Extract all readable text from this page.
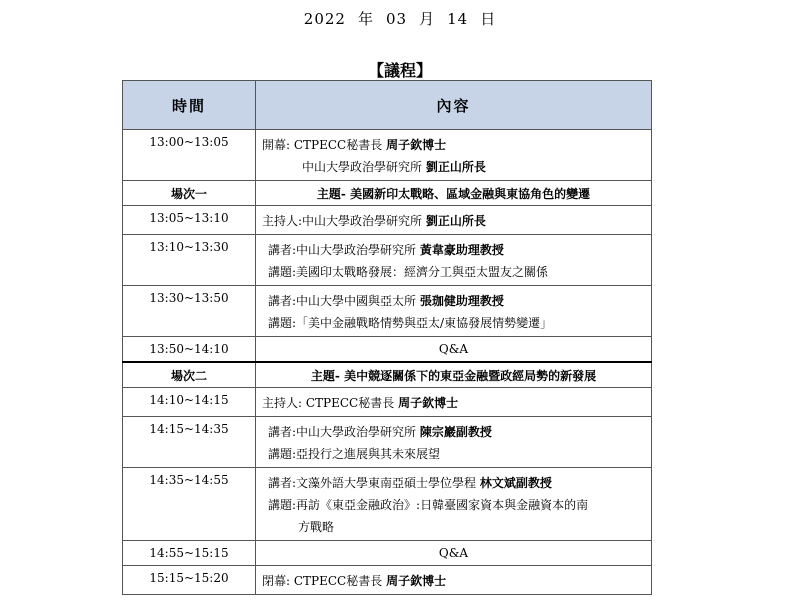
2022 年 03 月 14 日
【議程】
時間	內容
13:00~13:05	開幕: CTPECC秘書長 周子欽博士
中山大學政治學研究所 劉正山所長

場次一	主題- 美國新印太戰略、區域金融與東協角色的變遷
13:05~13:10	主持人:中山大學政治學研究所 劉正山所長

13:10~13:30	講者:中山大學政治學研究所 黃韋豪助理教授
講題:美國印太戰略發展：經濟分工與亞太盟友之關係

13:30~13:50	講者:中山大學中國與亞太所 張珈健助理教授
講題:「美中金融戰略情勢與亞太/東協發展情勢變遷」

13:50~14:10	Q&A
場次二	主題- 美中競逐關係下的東亞金融暨政經局勢的新發展
14:10~14:15	主持人: CTPECC秘書長 周子欽博士

14:15~14:35	講者:中山大學政治學研究所 陳宗巖副教授
講題:亞投行之進展與其未來展望

14:35~14:55	講者:文藻外語大學東南亞碩士學位學程 林文斌副教授
講題:再訪《東亞金融政治》:日韓臺國家資本與金融資本的南
方戰略

14:55~15:15	Q&A
15:15~15:20	閉幕: CTPECC秘書長 周子欽博士
